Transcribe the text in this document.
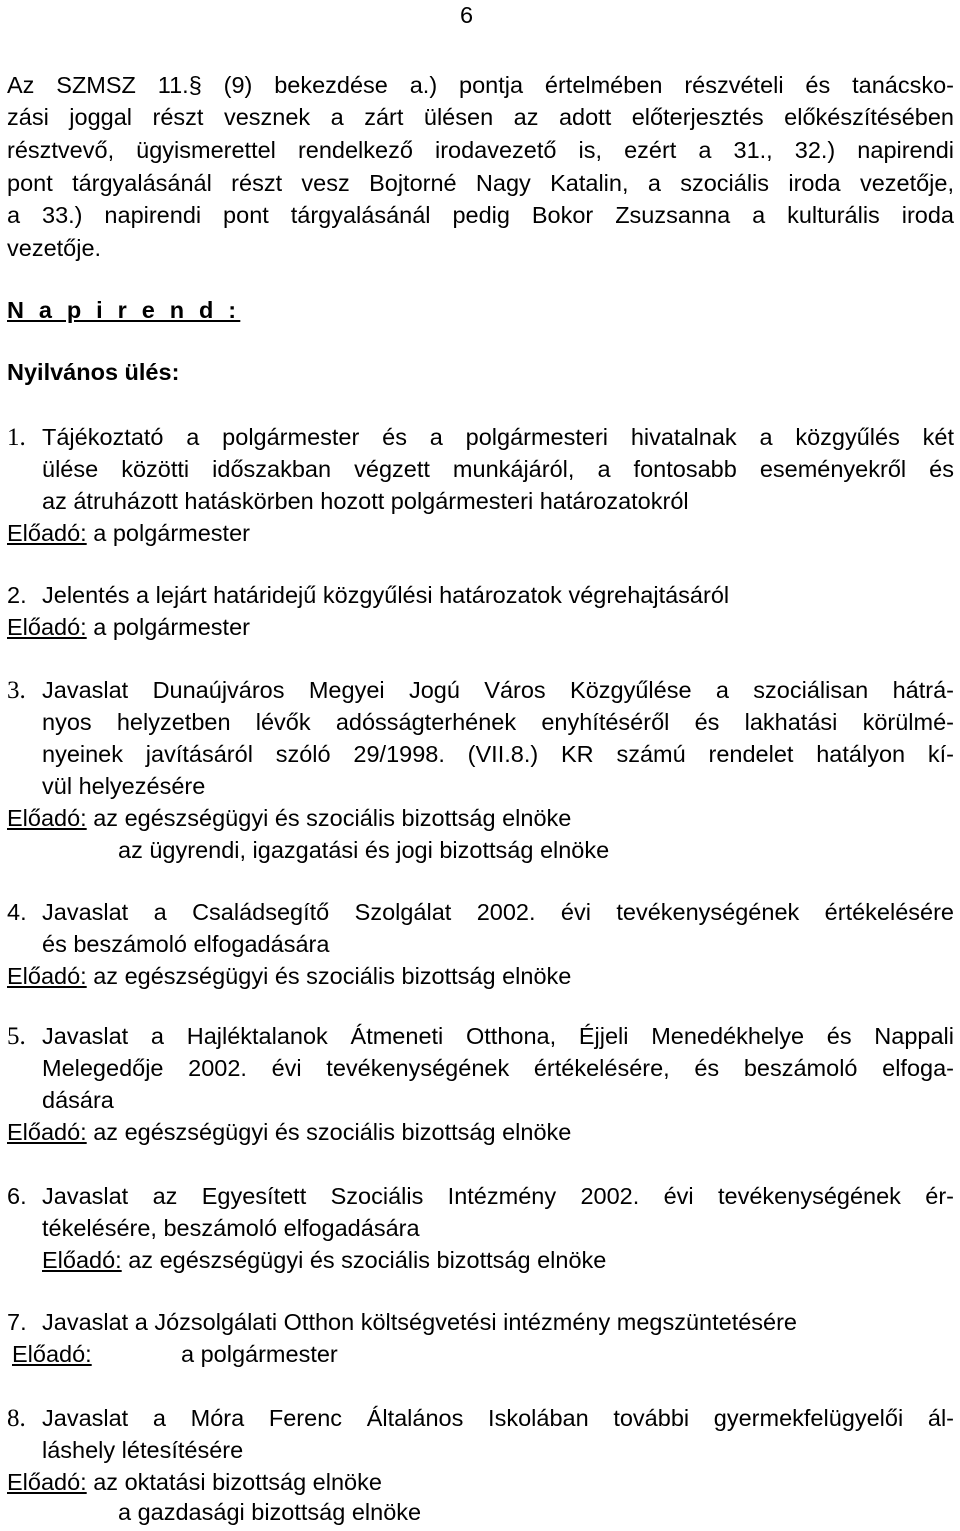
6
Az SZMSZ 11.§ (9) bekezdése a.) pontja értelmében részvételi és tanácsko-
zási joggal részt vesznek a zárt ülésen az adott előterjesztés előkészítésében
résztvevő, ügyismerettel rendelkező irodavezető is, ezért a 31., 32.) napirendi
pont tárgyalásánál részt vesz Bojtorné Nagy Katalin, a szociális iroda vezetője,
a 33.) napirendi pont tárgyalásánál pedig Bokor Zsuzsanna a kulturális iroda
vezetője.
N a p i r e n d :
Nyilvános ülés:
1. Tájékoztató a polgármester és a polgármesteri hivatalnak a közgyűlés két
ülése közötti időszakban végzett munkájáról, a fontosabb eseményekről és
az átruházott hatáskörben hozott polgármesteri határozatokról
Előadó: a polgármester
2. Jelentés a lejárt határidejű közgyűlési határozatok végrehajtásáról
Előadó: a polgármester
3. Javaslat Dunaújváros Megyei Jogú Város Közgyűlése a szociálisan hátrá-
nyos helyzetben lévők adósságterhének enyhítéséről és lakhatási körülmé-
nyeinek javításáról szóló 29/1998. (VII.8.) KR számú rendelet hatályon kí-
vül helyezésére
Előadó: az egészségügyi és szociális bizottság elnöke
az ügyrendi, igazgatási és jogi bizottság elnöke
4. Javaslat a Családsegítő Szolgálat 2002. évi tevékenységének értékelésére
és beszámoló elfogadására
Előadó: az egészségügyi és szociális bizottság elnöke
5. Javaslat a Hajléktalanok Átmeneti Otthona, Éjjeli Menedékhelye és Nappali
Melegedője 2002. évi tevékenységének értékelésére, és beszámoló elfoga-
dására
Előadó: az egészségügyi és szociális bizottság elnöke
6. Javaslat az Egyesített Szociális Intézmény 2002. évi tevékenységének ér-
tékelésére, beszámoló elfogadására
Előadó: az egészségügyi és szociális bizottság elnöke
7. Javaslat a Józsolgálati Otthon költségvetési intézmény megszüntetésére
Előadó:	a polgármester
8. Javaslat a Móra Ferenc Általános Iskolában további gyermekfelügyelői ál-
láshely létesítésére
Előadó: az oktatási bizottság elnöke
a gazdasági bizottság elnöke
